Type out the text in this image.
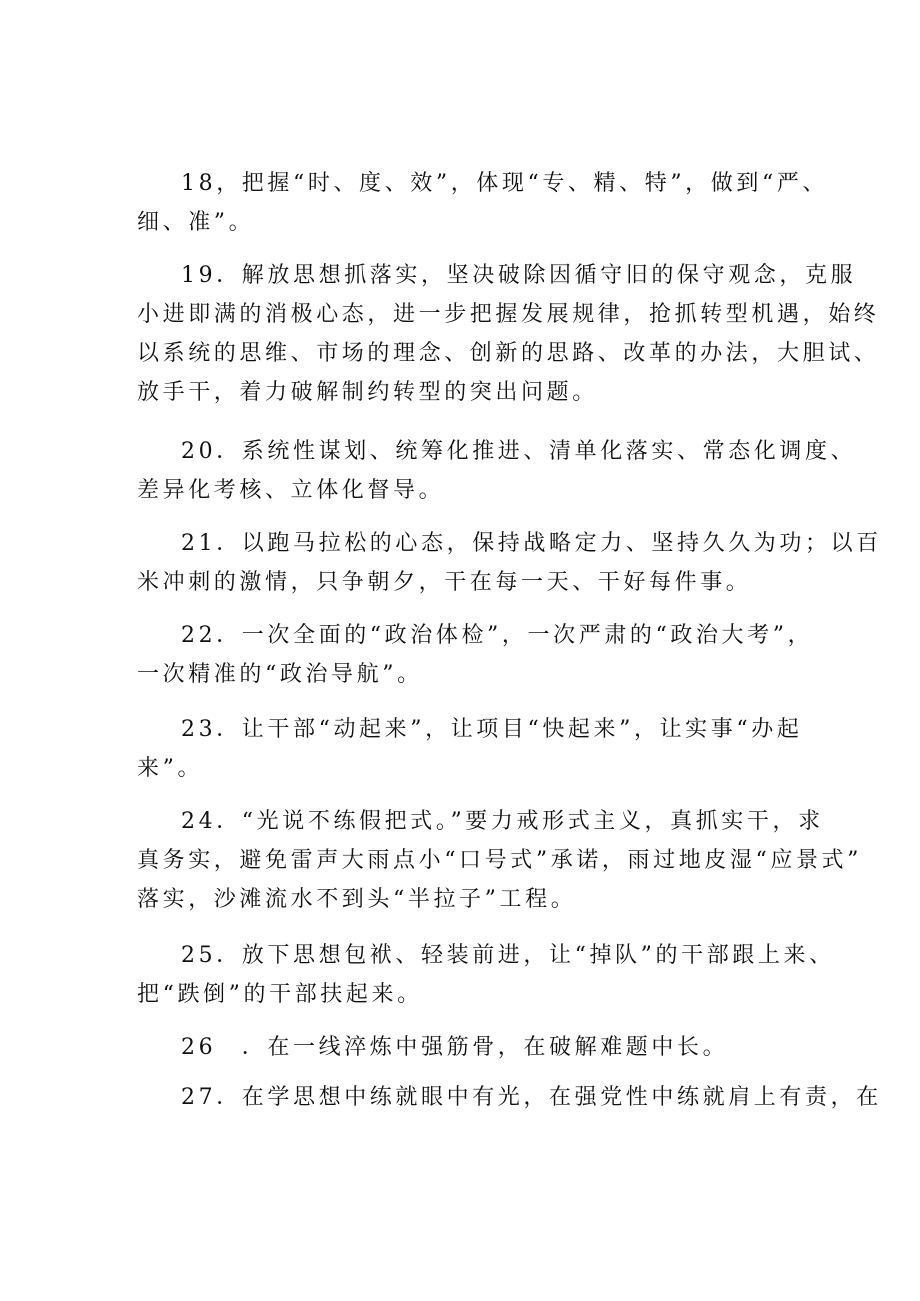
18，把握“时、度、效”，体现“专、精、特”，做到“严、
细、准”。

19．解放思想抓落实，坚决破除因循守旧的保守观念，克服
小进即满的消极心态，进一步把握发展规律，抢抓转型机遇，始终
以系统的思维、市场的理念、创新的思路、改革的办法，大胆试、
放手干，着力破解制约转型的突出问题。

20．系统性谋划、统筹化推进、清单化落实、常态化调度、
差异化考核、立体化督导。

21．以跑马拉松的心态，保持战略定力、坚持久久为功；以百
米冲刺的激情，只争朝夕，干在每一天、干好每件事。

22．一次全面的“政治体检”，一次严肃的“政治大考”，
一次精准的“政治导航”。

23．让干部“动起来”，让项目“快起来”，让实事“办起
来”。

24．“光说不练假把式。”要力戒形式主义，真抓实干，求
真务实，避免雷声大雨点小“口号式”承诺，雨过地皮湿“应景式”
落实，沙滩流水不到头“半拉子”工程。

25．放下思想包袱、轻装前进，让“掉队”的干部跟上来、
把“跌倒”的干部扶起来。

26　．在一线淬炼中强筋骨，在破解难题中长。

27．在学思想中练就眼中有光，在强党性中练就肩上有责，在
